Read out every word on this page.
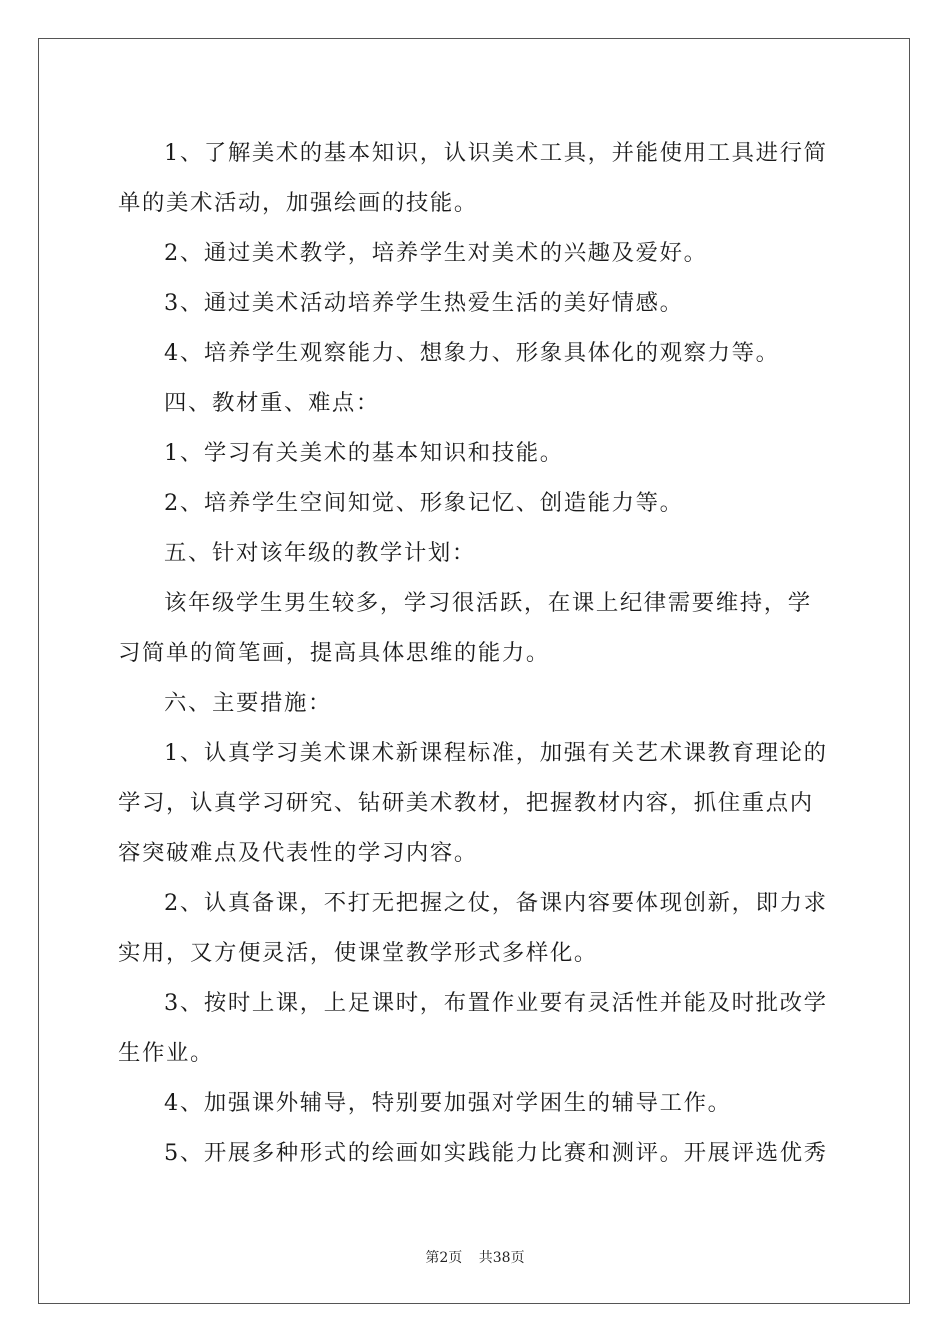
1、了解美术的基本知识，认识美术工具，并能使用工具进行简单的美术活动，加强绘画的技能。

2、通过美术教学，培养学生对美术的兴趣及爱好。

3、通过美术活动培养学生热爱生活的美好情感。

4、培养学生观察能力、想象力、形象具体化的观察力等。

四、教材重、难点：

1、学习有关美术的基本知识和技能。

2、培养学生空间知觉、形象记忆、创造能力等。

五、针对该年级的教学计划：

该年级学生男生较多，学习很活跃，在课上纪律需要维持，学习简单的简笔画，提高具体思维的能力。

六、主要措施：

1、认真学习美术课术新课程标准，加强有关艺术课教育理论的学习，认真学习研究、钻研美术教材，把握教材内容，抓住重点内容突破难点及代表性的学习内容。

2、认真备课，不打无把握之仗，备课内容要体现创新，即力求实用，又方便灵活，使课堂教学形式多样化。

3、按时上课，上足课时，布置作业要有灵活性并能及时批改学生作业。

4、加强课外辅导，特别要加强对学困生的辅导工作。

5、开展多种形式的绘画如实践能力比赛和测评。开展评选优秀

第2页 共38页
